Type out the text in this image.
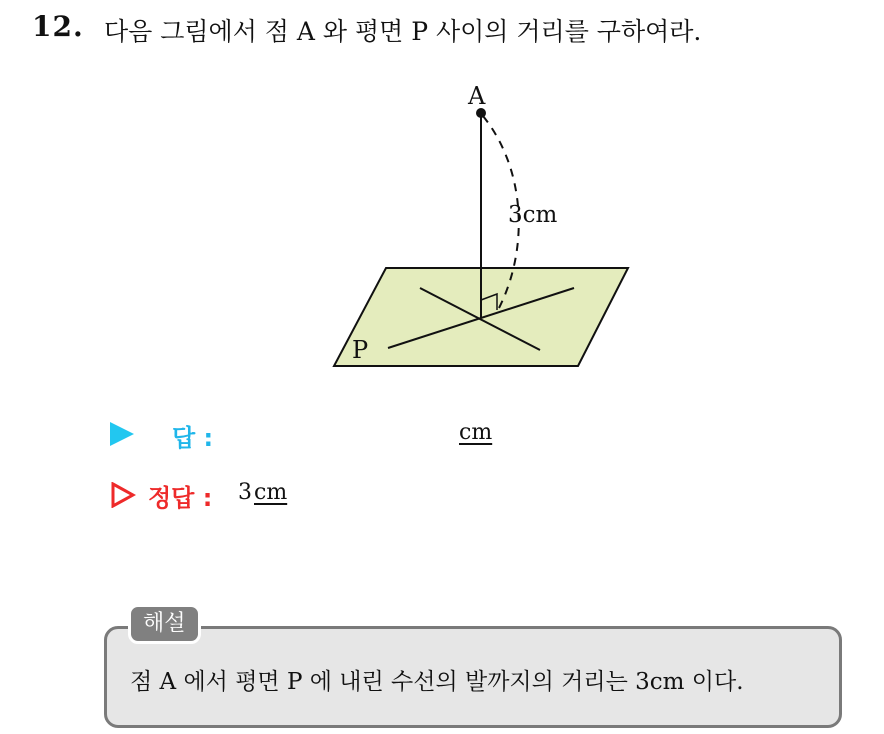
12. 다음 그림에서 점 A 와 평면 P 사이의 거리를 구하여라.
A
3cm
P
답 :	cm
정답 : 3 cm
해설
점 A 에서 평면 P 에 내린 수선의 발까지의 거리는 3cm 이다.
